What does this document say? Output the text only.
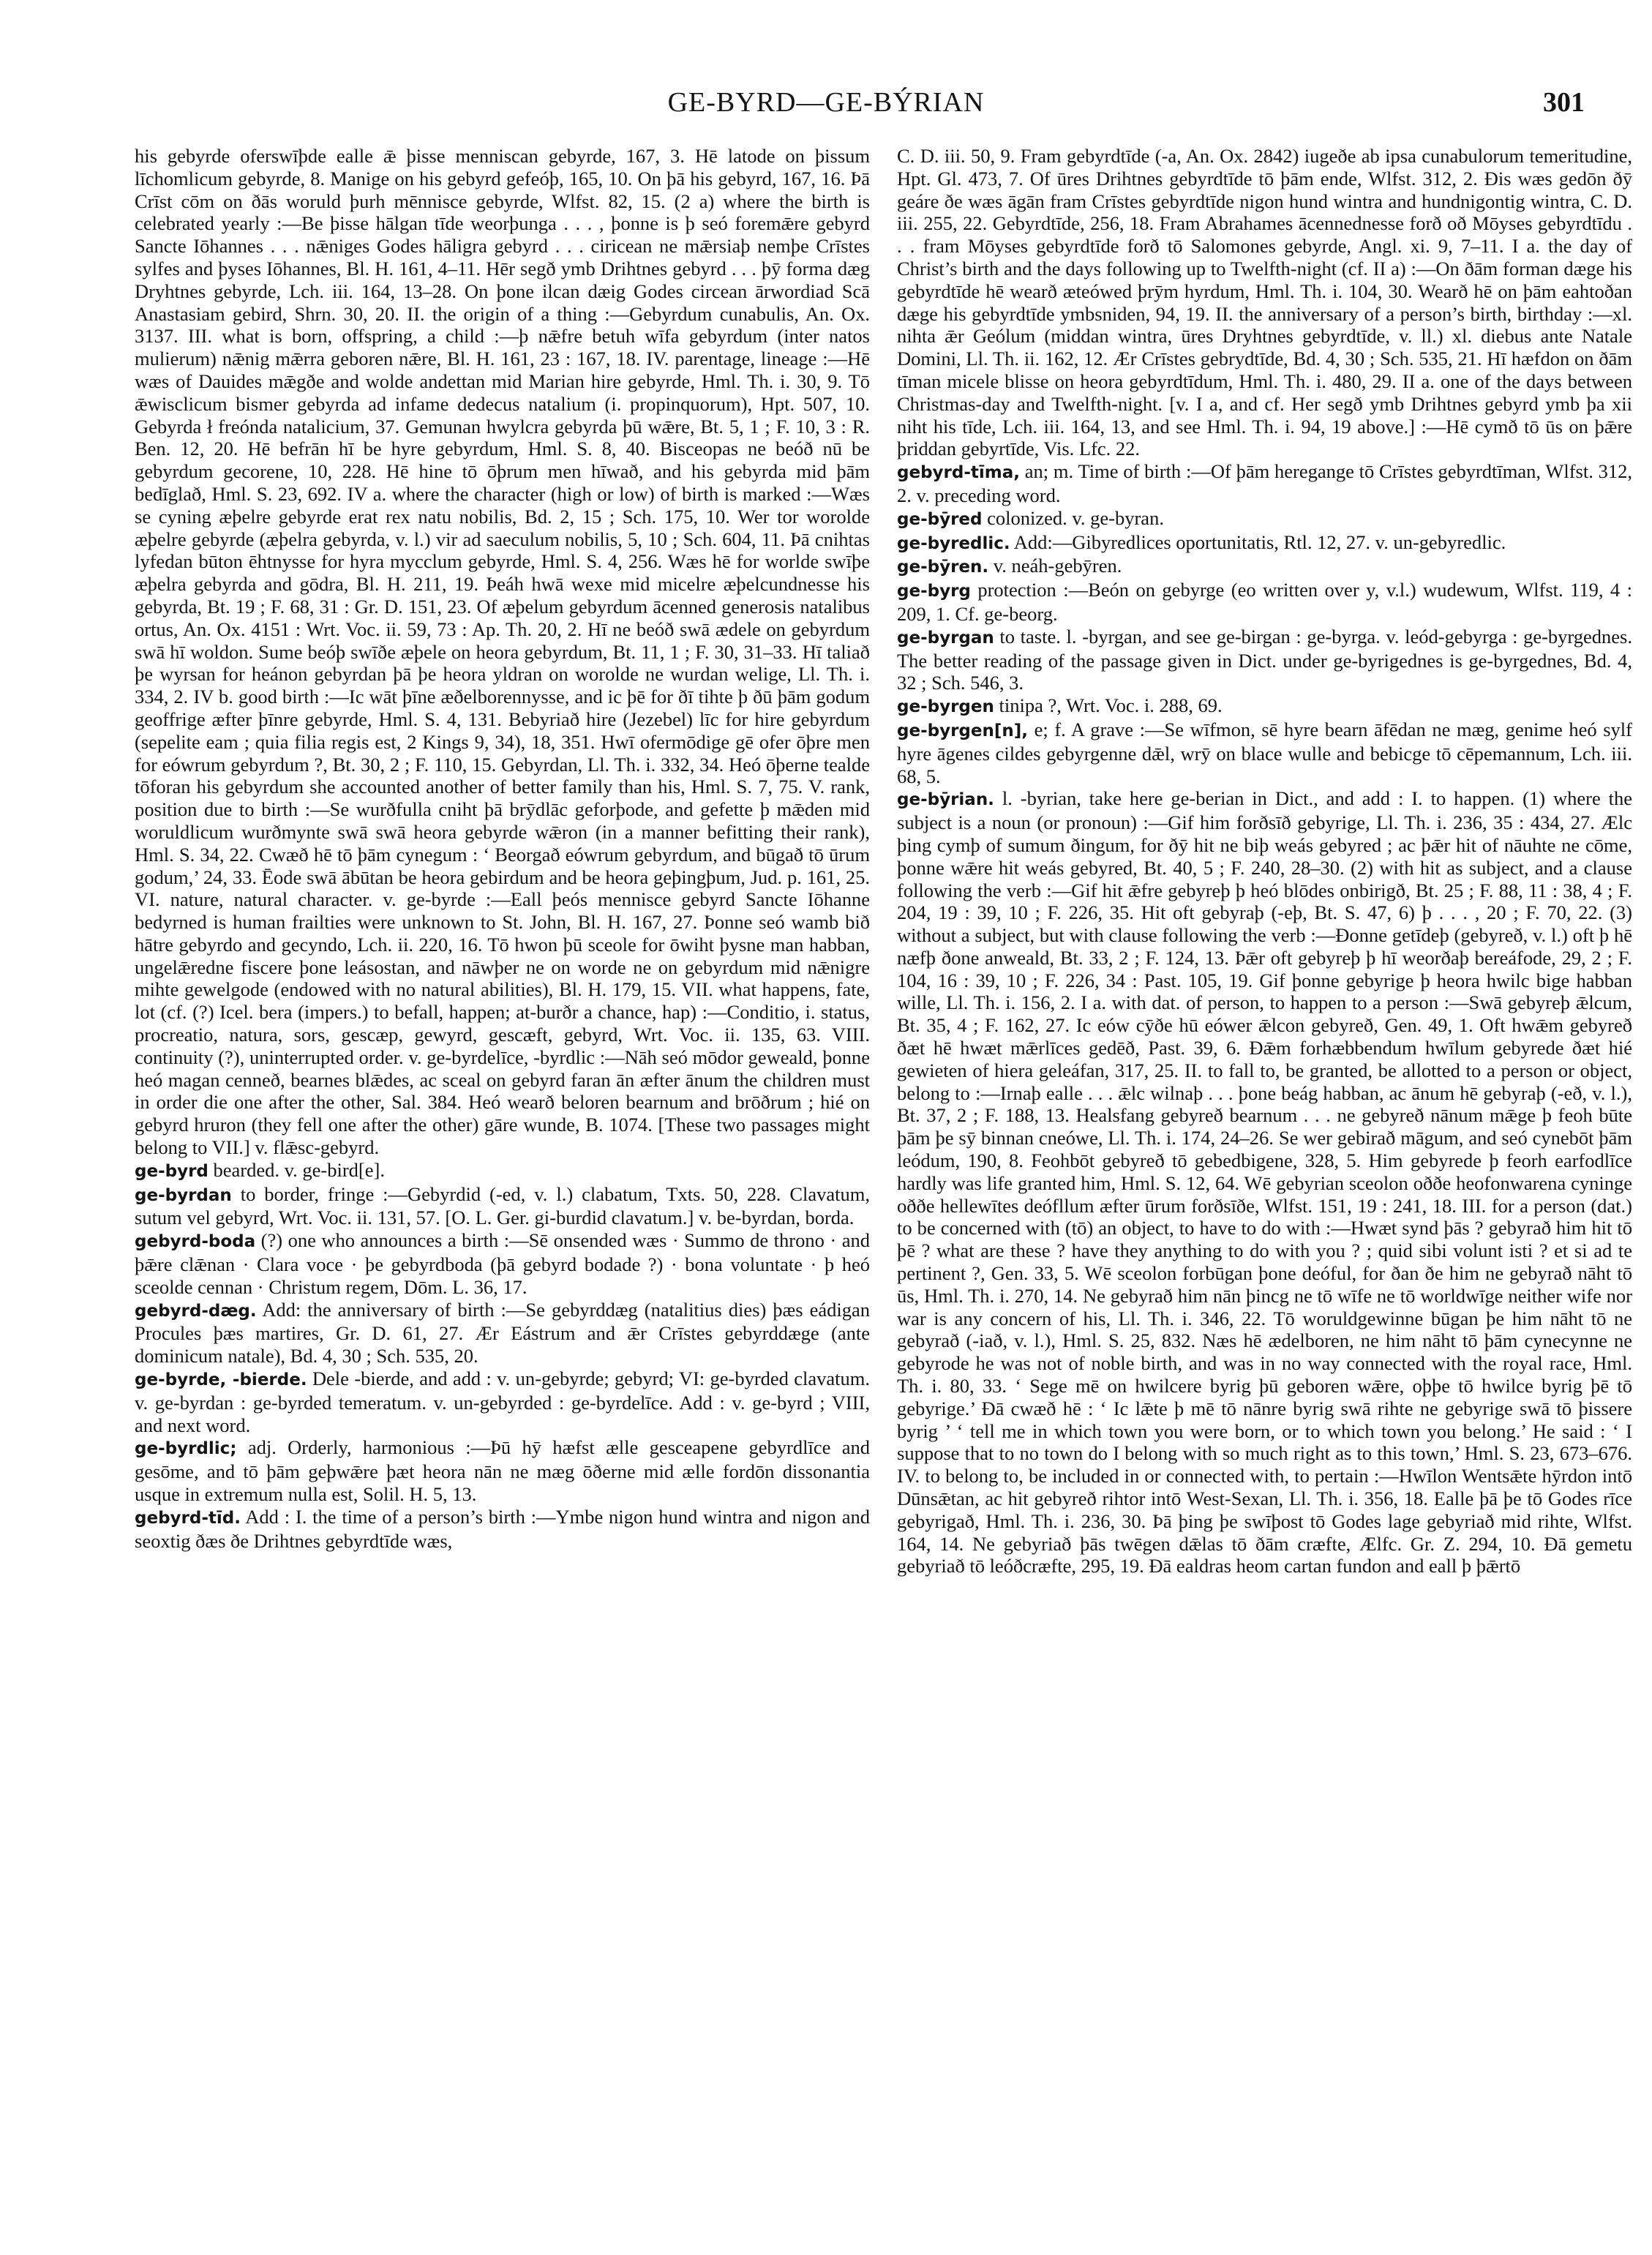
GE-BYRD—GE-BÝRIAN	301

his gebyrde oferswīþde ealle ǣ þisse menniscan gebyrde, 167, 3. Hē latode on þissum līchomlicum gebyrde, 8. Manige on his gebyrd gefeóþ, 165, 10. On þā his gebyrd, 167, 16. Þā Crīst cōm on ðās woruld þurh mēnnisce gebyrde, Wlfst. 82, 15. (2 a) where the birth is celebrated yearly :—Be þisse hālgan tīde weorþunga . . . , þonne is þ seó foremǣre gebyrd Sancte Iōhannes . . . nǣniges Godes hāligra gebyrd . . . ciricean ne mǣrsiaþ nemþe Crīstes sylfes and þyses Iōhannes, Bl. H. 161, 4–11. Hēr segð ymb Drihtnes gebyrd . . . þȳ forma dæg Dryhtnes gebyrde, Lch. iii. 164, 13–28. On þone ilcan dæig Godes circean ārwordiad Scā Anastasiam gebird, Shrn. 30, 20. II. the origin of a thing :—Gebyrdum cunabulis, An. Ox. 3137. III. what is born, offspring, a child :—þ nǣfre betuh wīfa gebyrdum (inter natos mulierum) nǣnig mǣrra geboren nǣre, Bl. H. 161, 23 : 167, 18. IV. parentage, lineage :—Hē wæs of Dauides mǣgðe and wolde andettan mid Marian hire gebyrde, Hml. Th. i. 30, 9. Tō ǣwisclicum bismer gebyrda ad infame dedecus natalium (i. propinquorum), Hpt. 507, 10. Gebyrda ł freónda natalicium, 37. Gemunan hwylcra gebyrda þū wǣre, Bt. 5, 1 ; F. 10, 3 : R. Ben. 12, 20. Hē befrān hī be hyre gebyrdum, Hml. S. 8, 40. Bisceopas ne beóð nū be gebyrdum gecorene, 10, 228. Hē hine tō ōþrum men hīwað, and his gebyrda mid þām bedīglað, Hml. S. 23, 692. IV a. where the character (high or low) of birth is marked :—Wæs se cyning æþelre gebyrde erat rex natu nobilis, Bd. 2, 15 ; Sch. 175, 10. Wer tor worolde æþelre gebyrde (æþelra gebyrda, v. l.) vir ad saeculum nobilis, 5, 10 ; Sch. 604, 11. Þā cnihtas lyfedan būton ēhtnysse for hyra mycclum gebyrde, Hml. S. 4, 256. Wæs hē for worlde swīþe æþelra gebyrda and gōdra, Bl. H. 211, 19. Þeáh hwā wexe mid micelre æþelcundnesse his gebyrda, Bt. 19 ; F. 68, 31 : Gr. D. 151, 23. Of æþelum gebyrdum ācenned generosis natalibus ortus, An. Ox. 4151 : Wrt. Voc. ii. 59, 73 : Ap. Th. 20, 2. Hī ne beóð swā ædele on gebyrdum swā hī woldon. Sume beóþ swīðe æþele on heora gebyrdum, Bt. 11, 1 ; F. 30, 31–33. Hī taliað þe wyrsan for heánon gebyrdan þā þe heora yldran on worolde ne wurdan welige, Ll. Th. i. 334, 2. IV b. good birth :—Ic wāt þīne æðelborennysse, and ic þē for ðī tihte þ ðū þām godum geoffrige æfter þīnre gebyrde, Hml. S. 4, 131. Bebyriað hire (Jezebel) līc for hire gebyrdum (sepelite eam ; quia filia regis est, 2 Kings 9, 34), 18, 351. Hwī ofermōdige gē ofer ōþre men for eówrum gebyrdum ?, Bt. 30, 2 ; F. 110, 15. Gebyrdan, Ll. Th. i. 332, 34. Heó ōþerne tealde tōforan his gebyrdum she accounted another of better family than his, Hml. S. 7, 75. V. rank, position due to birth :—Se wurðfulla cniht þā brȳdlāc geforþode, and gefette þ mǣden mid woruldlicum wurðmynte swā swā heora gebyrde wǣron (in a manner befitting their rank), Hml. S. 34, 22. Cwæð hē tō þām cynegum : ‘ Beorgað eówrum gebyrdum, and būgað tō ūrum godum,’ 24, 33. Ēode swā ābūtan be heora gebirdum and be heora geþingþum, Jud. p. 161, 25. VI. nature, natural character. v. ge-byrde :—Eall þeós mennisce gebyrd Sancte Iōhanne bedyrned is human frailties were unknown to St. John, Bl. H. 167, 27. Þonne seó wamb bið hātre gebyrdo and gecyndo, Lch. ii. 220, 16. Tō hwon þū sceole for ōwiht þysne man habban, ungelǣredne fiscere þone leásostan, and nāwþer ne on worde ne on gebyrdum mid nǣnigre mihte gewelgode (endowed with no natural abilities), Bl. H. 179, 15. VII. what happens, fate, lot (cf. (?) Icel. bera (impers.) to befall, happen; at-burðr a chance, hap) :—Conditio, i. status, procreatio, natura, sors, gescæp, gewyrd, gescæft, gebyrd, Wrt. Voc. ii. 135, 63. VIII. continuity (?), uninterrupted order. v. ge-byrdelīce, -byrdlic :—Nāh seó mōdor geweald, þonne heó magan cenneð, bearnes blǣdes, ac sceal on gebyrd faran ān æfter ānum the children must in order die one after the other, Sal. 384. Heó wearð beloren bearnum and brōðrum ; hié on gebyrd hruron (they fell one after the other) gāre wunde, B. 1074. [These two passages might belong to VII.] v. flǣsc-gebyrd.

ge-byrd bearded. v. ge-bird[e].

ge-byrdan to border, fringe :—Gebyrdid (-ed, v. l.) clabatum, Txts. 50, 228. Clavatum, sutum vel gebyrd, Wrt. Voc. ii. 131, 57. [O. L. Ger. gi-burdid clavatum.] v. be-byrdan, borda.

gebyrd-boda (?) one who announces a birth :—Sē onsended wæs · Summo de throno · and þǣre clǣnan · Clara voce · þe gebyrdboda (þā gebyrd bodade ?) · bona voluntate · þ heó sceolde cennan · Christum regem, Dōm. L. 36, 17.

gebyrd-dæg. Add: the anniversary of birth :—Se gebyrddæg (natalitius dies) þæs eádigan Procules þæs martires, Gr. D. 61, 27. Ær Eástrum and ǣr Crīstes gebyrddæge (ante dominicum natale), Bd. 4, 30 ; Sch. 535, 20.

ge-byrde, -bierde. Dele -bierde, and add : v. un-gebyrde; gebyrd; VI: ge-byrded clavatum. v. ge-byrdan : ge-byrded temeratum. v. un-gebyrded : ge-byrdelīce. Add : v. ge-byrd ; VIII, and next word.

ge-byrdlic; adj. Orderly, harmonious :—Þū hȳ hæfst ælle gesceapene gebyrdlīce and gesōme, and tō þām geþwǣre þæt heora nān ne mæg ōðerne mid ælle fordōn dissonantia usque in extremum nulla est, Solil. H. 5, 13.

gebyrd-tīd. Add : I. the time of a person’s birth :—Ymbe nigon hund wintra and nigon and seoxtig ðæs ðe Drihtnes gebyrdtīde wæs,

C. D. iii. 50, 9. Fram gebyrdtīde (-a, An. Ox. 2842) iugeðe ab ipsa cunabulorum temeritudine, Hpt. Gl. 473, 7. Of ūres Drihtnes gebyrdtīde tō þām ende, Wlfst. 312, 2. Ðis wæs gedōn ðȳ geáre ðe wæs āgān fram Crīstes gebyrdtīde nigon hund wintra and hundnigontig wintra, C. D. iii. 255, 22. Gebyrdtīde, 256, 18. Fram Abrahames ācennednesse forð oð Mōyses gebyrdtīdu . . . fram Mōyses gebyrdtīde forð tō Salomones gebyrde, Angl. xi. 9, 7–11. I a. the day of Christ’s birth and the days following up to Twelfth-night (cf. II a) :—On ðām forman dæge his gebyrdtīde hē wearð æteówed þrȳm hyrdum, Hml. Th. i. 104, 30. Wearð hē on þām eahtoðan dæge his gebyrdtīde ymbsniden, 94, 19. II. the anniversary of a person’s birth, birthday :—xl. nihta ǣr Geólum (middan wintra, ūres Dryhtnes gebyrdtīde, v. ll.) xl. diebus ante Natale Domini, Ll. Th. ii. 162, 12. Ær Crīstes gebrydtīde, Bd. 4, 30 ; Sch. 535, 21. Hī hæfdon on ðām tīman micele blisse on heora gebyrdtīdum, Hml. Th. i. 480, 29. II a. one of the days between Christmas-day and Twelfth-night. [v. I a, and cf. Her segð ymb Drihtnes gebyrd ymb þa xii niht his tīde, Lch. iii. 164, 13, and see Hml. Th. i. 94, 19 above.] :—Hē cymð tō ūs on þǣre þriddan gebyrtīde, Vis. Lfc. 22.

gebyrd-tīma, an; m. Time of birth :—Of þām heregange tō Crīstes gebyrdtīman, Wlfst. 312, 2. v. preceding word.

ge-bȳred colonized. v. ge-byran.

ge-byredlic. Add:—Gibyredlices oportunitatis, Rtl. 12, 27. v. un-gebyredlic.

ge-bȳren. v. neáh-gebȳren.

ge-byrg protection :—Beón on gebyrge (eo written over y, v.l.) wudewum, Wlfst. 119, 4 : 209, 1. Cf. ge-beorg.

ge-byrgan to taste. l. -byrgan, and see ge-birgan : ge-byrga. v. leód-gebyrga : ge-byrgednes. The better reading of the passage given in Dict. under ge-byrigednes is ge-byrgednes, Bd. 4, 32 ; Sch. 546, 3.

ge-byrgen tinipa ?, Wrt. Voc. i. 288, 69.

ge-byrgen[n], e; f. A grave :—Se wīfmon, sē hyre bearn āfēdan ne mæg, genime heó sylf hyre āgenes cildes gebyrgenne dǣl, wrȳ on blace wulle and bebicge tō cēpemannum, Lch. iii. 68, 5.

ge-bȳrian. l. -byrian, take here ge-berian in Dict., and add : I. to happen. (1) where the subject is a noun (or pronoun) :—Gif him forðsīð gebyrige, Ll. Th. i. 236, 35 : 434, 27. Ælc þing cymþ of sumum ðingum, for ðȳ hit ne biþ weás gebyred ; ac þǣr hit of nāuhte ne cōme, þonne wǣre hit weás gebyred, Bt. 40, 5 ; F. 240, 28–30. (2) with hit as subject, and a clause following the verb :—Gif hit ǣfre gebyreþ þ heó blōdes onbirigð, Bt. 25 ; F. 88, 11 : 38, 4 ; F. 204, 19 : 39, 10 ; F. 226, 35. Hit oft gebyraþ (-eþ, Bt. S. 47, 6) þ . . . , 20 ; F. 70, 22. (3) without a subject, but with clause following the verb :—Ðonne getīdeþ (gebyreð, v. l.) oft þ hē næfþ ðone anweald, Bt. 33, 2 ; F. 124, 13. Þǣr oft gebyreþ þ hī weorðaþ bereáfode, 29, 2 ; F. 104, 16 : 39, 10 ; F. 226, 34 : Past. 105, 19. Gif þonne gebyrige þ heora hwilc bige habban wille, Ll. Th. i. 156, 2. I a. with dat. of person, to happen to a person :—Swā gebyreþ ǣlcum, Bt. 35, 4 ; F. 162, 27. Ic eów cȳðe hū eówer ǣlcon gebyreð, Gen. 49, 1. Oft hwǣm gebyreð ðæt hē hwæt mǣrlīces gedēð, Past. 39, 6. Ðǣm forhæbbendum hwīlum gebyrede ðæt hié gewieten of hiera geleáfan, 317, 25. II. to fall to, be granted, be allotted to a person or object, belong to :—Irnaþ ealle . . . ǣlc wilnaþ . . . þone beág habban, ac ānum hē gebyraþ (-eð, v. l.), Bt. 37, 2 ; F. 188, 13. Healsfang gebyreð bearnum . . . ne gebyreð nānum mǣge þ feoh būte þām þe sȳ binnan cneówe, Ll. Th. i. 174, 24–26. Se wer gebirað māgum, and seó cynebōt þām leódum, 190, 8. Feohbōt gebyreð tō gebedbigene, 328, 5. Him gebyrede þ feorh earfodlīce hardly was life granted him, Hml. S. 12, 64. Wē gebyrian sceolon oððe heofonwarena cyninge oððe hellewītes deófllum æfter ūrum forðsīðe, Wlfst. 151, 19 : 241, 18. III. for a person (dat.) to be concerned with (tō) an object, to have to do with :—Hwæt synd þās ? gebyrað him hit tō þē ? what are these ? have they anything to do with you ? ; quid sibi volunt isti ? et si ad te pertinent ?, Gen. 33, 5. Wē sceolon forbūgan þone deóful, for ðan ðe him ne gebyrað nāht tō ūs, Hml. Th. i. 270, 14. Ne gebyrað him nān þincg ne tō wīfe ne tō worldwīge neither wife nor war is any concern of his, Ll. Th. i. 346, 22. Tō woruldgewinne būgan þe him nāht tō ne gebyrað (-iað, v. l.), Hml. S. 25, 832. Næs hē ædelboren, ne him nāht tō þām cynecynne ne gebyrode he was not of noble birth, and was in no way connected with the royal race, Hml. Th. i. 80, 33. ‘ Sege mē on hwilcere byrig þū geboren wǣre, oþþe tō hwilce byrig þē tō gebyrige.’ Ðā cwæð hē : ‘ Ic lǣte þ mē tō nānre byrig swā rihte ne gebyrige swā tō þissere byrig ’ ‘ tell me in which town you were born, or to which town you belong.’ He said : ‘ I suppose that to no town do I belong with so much right as to this town,’ Hml. S. 23, 673–676. IV. to belong to, be included in or connected with, to pertain :—Hwīlon Wentsǣte hȳrdon intō Dūnsǣtan, ac hit gebyreð rihtor intō West-Sexan, Ll. Th. i. 356, 18. Ealle þā þe tō Godes rīce gebyrigað, Hml. Th. i. 236, 30. Þā þing þe swīþost tō Godes lage gebyriað mid rihte, Wlfst. 164, 14. Ne gebyriað þās twēgen dǣlas tō ðām cræfte, Ælfc. Gr. Z. 294, 10. Ðā gemetu gebyriað tō leóðcræfte, 295, 19. Ðā ealdras heom cartan fundon and eall þ þǣrtō
